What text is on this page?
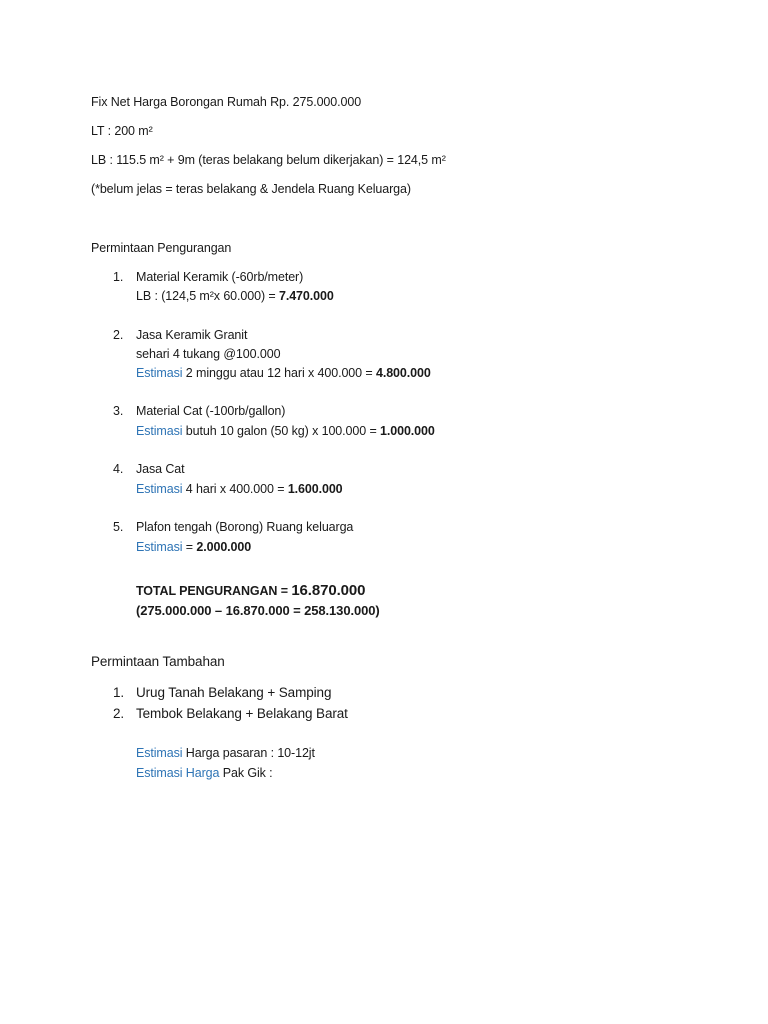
Fix Net Harga Borongan Rumah Rp. 275.000.000
LT : 200 m²
LB : 115.5 m² + 9m (teras belakang belum dikerjakan) = 124,5 m²
(*belum jelas = teras belakang & Jendela Ruang Keluarga)
Permintaan Pengurangan
1.	Material Keramik (-60rb/meter)
LB : (124,5 m²x 60.000) = 7.470.000
2.	Jasa Keramik Granit
sehari 4 tukang @100.000
Estimasi 2 minggu atau 12 hari x 400.000 = 4.800.000
3.	Material Cat (-100rb/gallon)
Estimasi butuh 10 galon (50 kg) x 100.000 = 1.000.000
4.	Jasa Cat
Estimasi 4 hari x 400.000 = 1.600.000
5.	Plafon tengah (Borong) Ruang keluarga
Estimasi = 2.000.000
TOTAL PENGURANGAN = 16.870.000
(275.000.000 – 16.870.000 = 258.130.000)
Permintaan Tambahan
1. Urug Tanah Belakang + Samping
2. Tembok Belakang + Belakang Barat
Estimasi Harga pasaran : 10-12jt
Estimasi Harga Pak Gik :
